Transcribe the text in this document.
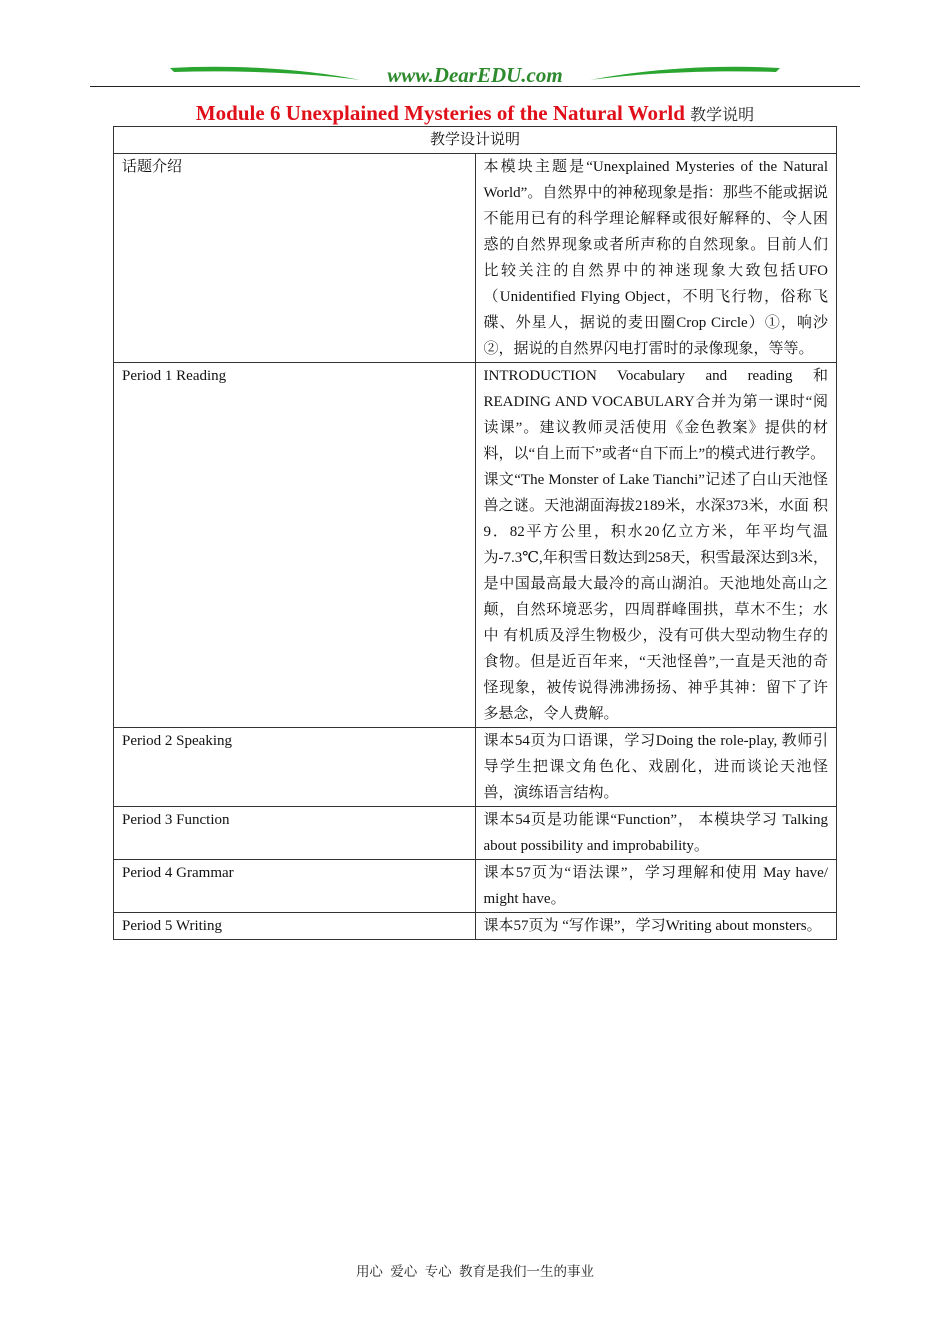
www.DearEDU.com
Module 6 Unexplained Mysteries of the Natural World 教学说明
教学设计说明	
话题介绍	本模块主题是“Unexplained Mysteries of the Natural World”。自然界中的神秘现象是指：那些不能或据说不能用已有的科学理论解释或很好解释的、令人困惑的自然界现象或者所声称的自然现象。目前人们比较关注的自然界中的神迷现象大致包括UFO（Unidentified Flying Object，不明飞行物，俗称飞碟、外星人，据说的麦田圈Crop Circle）①，响沙②，据说的自然界闪电打雷时的录像现象，等等。

Period 1 Reading	INTRODUCTION Vocabulary and reading 和 READING AND VOCABULARY合并为第一课时“阅读课”。建议教师灵活使用《金色教案》提供的材料，以“自上而下”或者“自下而上”的模式进行教学。
课文“The Monster of Lake Tianchi”记述了白山天池怪兽之谜。天池湖面海拔2189米，水深373米，水面 积9．82平方公里，积水20亿立方米，年平均气温 为-7.3℃,年积雪日数达到258天，积雪最深达到3米，是中国最高最大最冷的高山湖泊。天池地处高山之颠，自然环境恶劣，四周群峰围拱，草木不生；水 中 有机质及浮生物极少，没有可供大型动物生存的食物。但是近百年来，“天池怪兽”,一直是天池的奇怪现象，被传说得沸沸扬扬、神乎其神：留下了许多悬念，令人费解。

Period 2 Speaking	课本54页为口语课，学习Doing the role-play, 教师引导学生把课文角色化、戏剧化，进而谈论天池怪兽，演练语言结构。

Period 3 Function	课本54页是功能课“Function”， 本模块学习 Talking about possibility and improbability。

Period 4 Grammar	课本57页为“语法课”，学习理解和使用 May have/ might have。

Period 5 Writing	课本57页为 “写作课”，学习Writing about monsters。
用心 爱心 专心 教育是我们一生的事业
